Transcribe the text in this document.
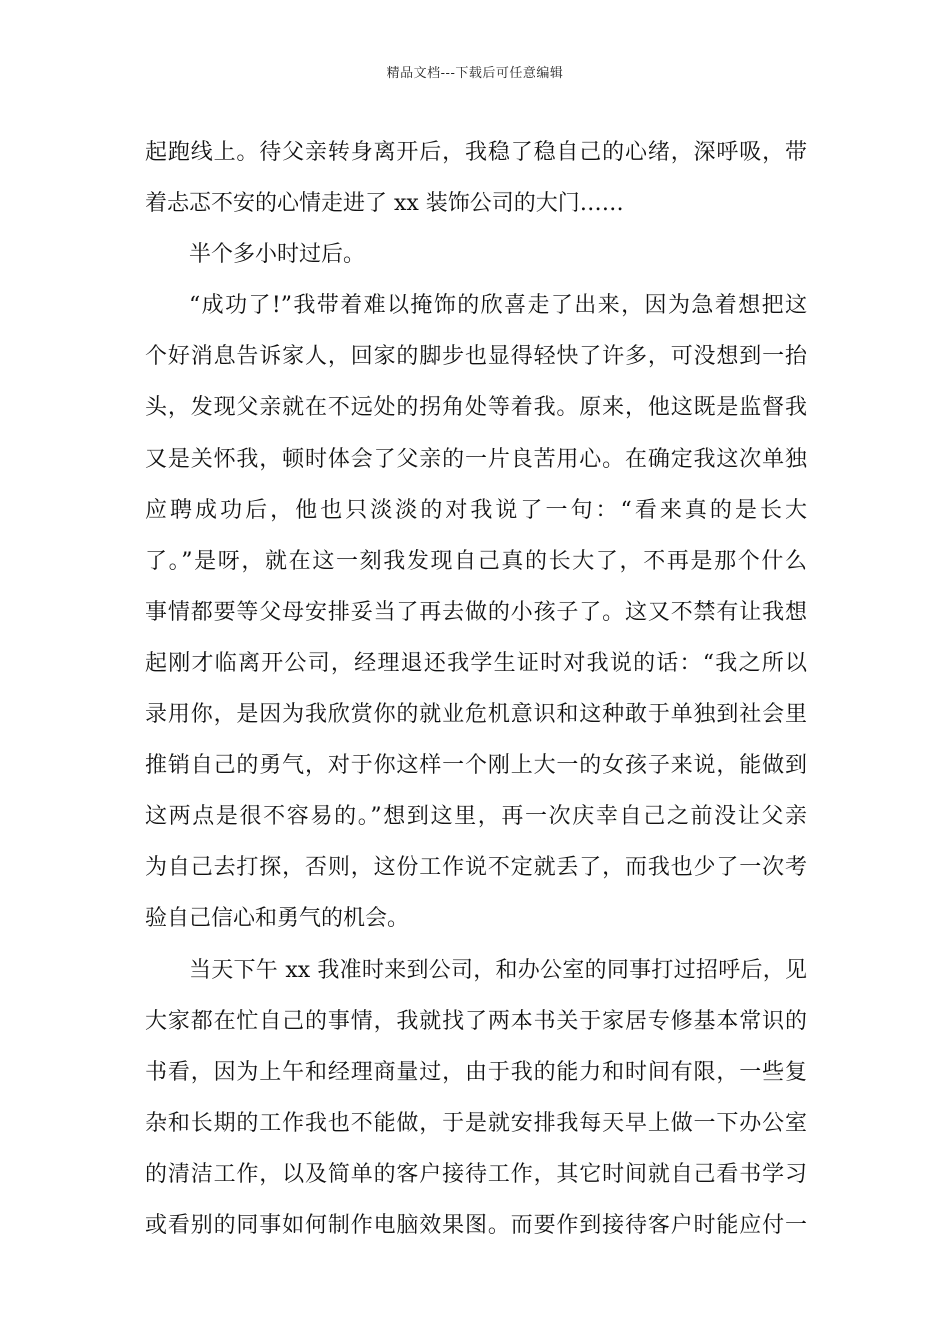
精品文档---下载后可任意编辑
起跑线上。待父亲转身离开后，我稳了稳自己的心绪，深呼吸，带
着忐忑不安的心情走进了 xx 装饰公司的大门……
半个多小时过后。
“成功了!”我带着难以掩饰的欣喜走了出来，因为急着想把这
个好消息告诉家人，回家的脚步也显得轻快了许多，可没想到一抬
头，发现父亲就在不远处的拐角处等着我。原来，他这既是监督我
又是关怀我，顿时体会了父亲的一片良苦用心。在确定我这次单独
应聘成功后，他也只淡淡的对我说了一句：“看来真的是长大
了。”是呀，就在这一刻我发现自己真的长大了，不再是那个什么
事情都要等父母安排妥当了再去做的小孩子了。这又不禁有让我想
起刚才临离开公司，经理退还我学生证时对我说的话：“我之所以
录用你，是因为我欣赏你的就业危机意识和这种敢于单独到社会里
推销自己的勇气，对于你这样一个刚上大一的女孩子来说，能做到
这两点是很不容易的。”想到这里，再一次庆幸自己之前没让父亲
为自己去打探，否则，这份工作说不定就丢了，而我也少了一次考
验自己信心和勇气的机会。
当天下午 xx 我准时来到公司，和办公室的同事打过招呼后，见
大家都在忙自己的事情，我就找了两本书关于家居专修基本常识的
书看，因为上午和经理商量过，由于我的能力和时间有限，一些复
杂和长期的工作我也不能做，于是就安排我每天早上做一下办公室
的清洁工作，以及简单的客户接待工作，其它时间就自己看书学习
或看别的同事如何制作电脑效果图。而要作到接待客户时能应付一
